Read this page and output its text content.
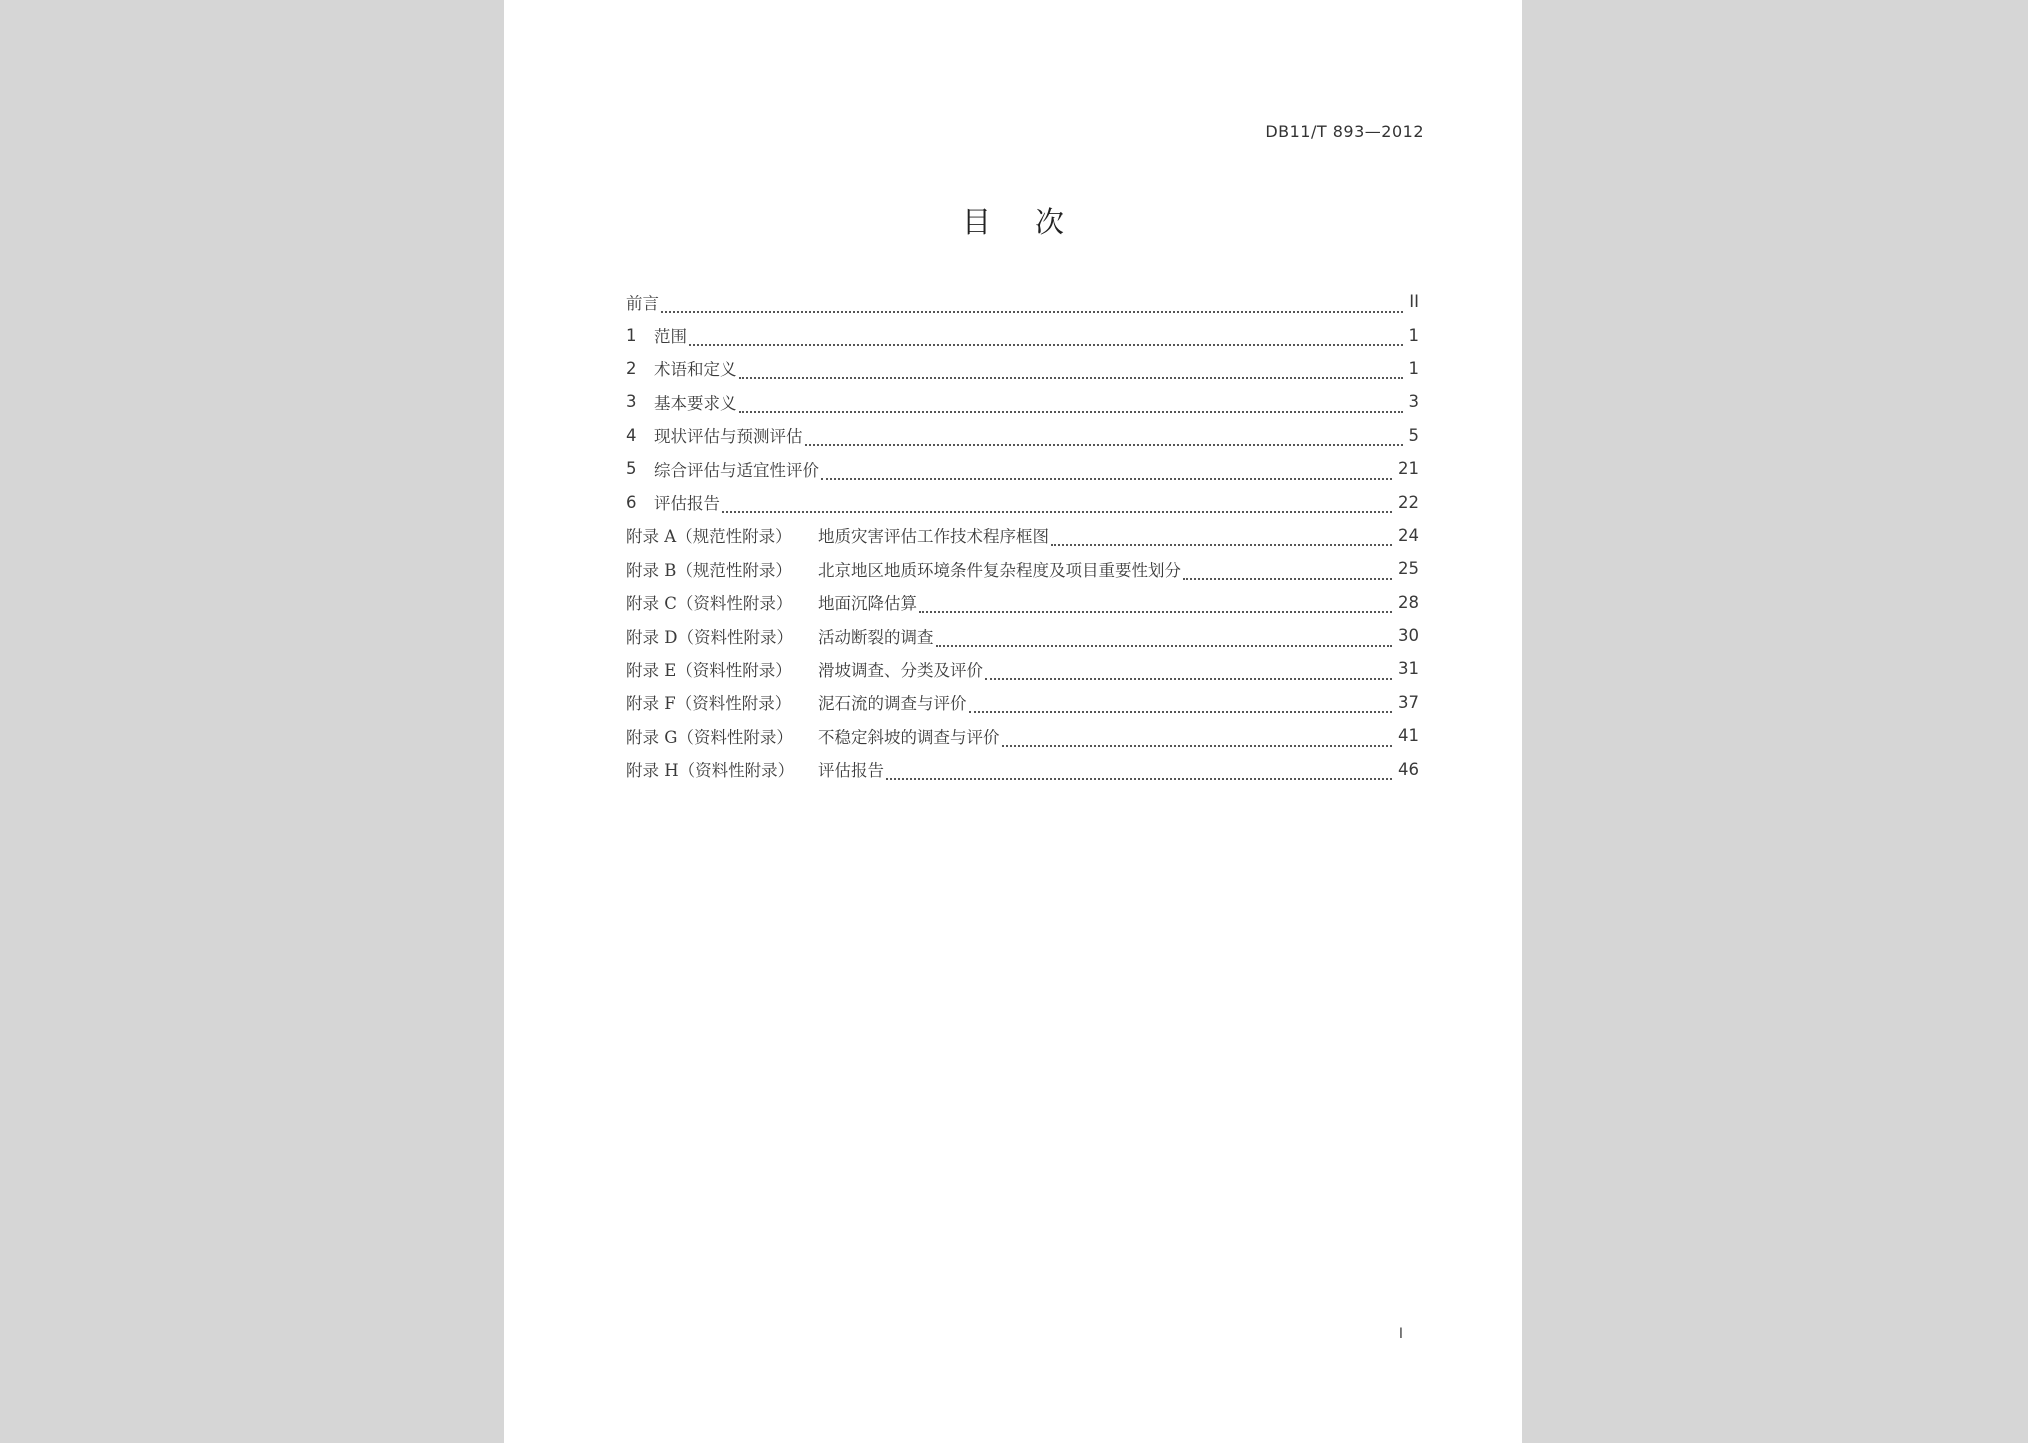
DB11/T 893—2012
目次
前言	II
1	范围	1
2	术语和定义	1
3	基本要求义	3
4	现状评估与预测评估	5
5	综合评估与适宜性评价	21
6	评估报告	22
附录 A（规范性附录）	地质灾害评估工作技术程序框图	24
附录 B（规范性附录）	北京地区地质环境条件复杂程度及项目重要性划分	25
附录 C（资料性附录）	地面沉降估算	28
附录 D（资料性附录）	活动断裂的调查	30
附录 E（资料性附录）	滑坡调查、分类及评价	31
附录 F（资料性附录）	泥石流的调查与评价	37
附录 G（资料性附录）	不稳定斜坡的调查与评价	41
附录 H（资料性附录）	评估报告	46
I
